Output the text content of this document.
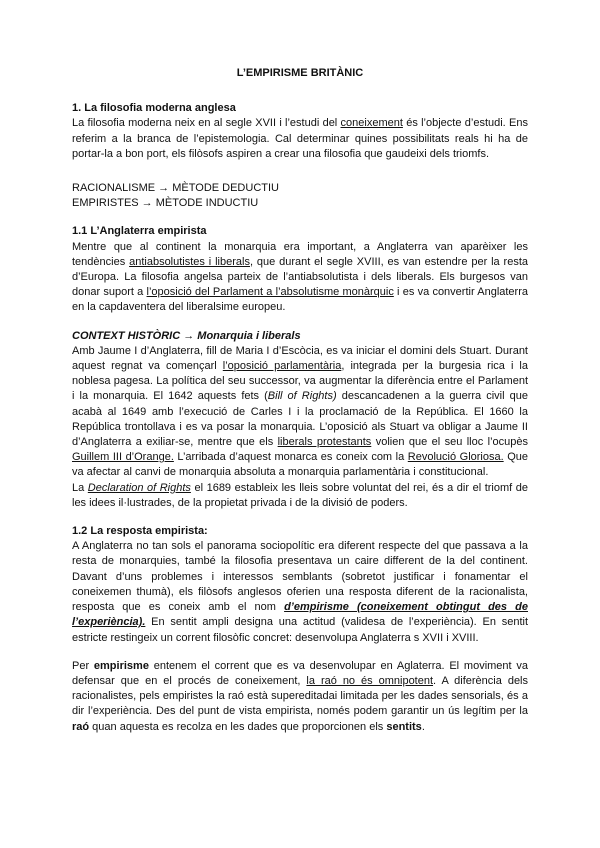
L’EMPIRISME BRITÀNIC
1. La filosofia moderna anglesa

La filosofia moderna neix en al segle XVII i l’estudi del coneixement és l’objecte d’estudi. Ens referim a la branca de l’epistemologia. Cal determinar quines possibilitats reals hi ha de portar-la a bon port, els filòsofs aspiren a crear una filosofia que gaudeixi dels triomfs.

RACIONALISME → MÈTODE DEDUCTIU

EMPIRISTES → MÈTODE INDUCTIU

1.1 L’Anglaterra empirista

Mentre que al continent la monarquia era important, a Anglaterra van aparèixer les tendències antiabsolutistes i liberals, que durant el segle XVIII, es van estendre per la resta d’Europa. La filosofia angelsa parteix de l’antiabsolutista i dels liberals. Els burgesos van donar suport a l’oposició del Parlament a l’absolutisme monàrquic i es va convertir Anglaterra en la capdaventera del liberalsime europeu.

CONTEXT HISTÒRIC → Monarquia i liberals

Amb Jaume I d’Anglaterra, fill de Maria I d’Escòcia, es va iniciar el domini dels Stuart. Durant aquest regnat va començarl l’oposició parlamentària, integrada per la burgesia rica i la noblesa pagesa. La política del seu successor, va augmentar la diferència entre el Parlament i la monarquia. El 1642 aquests fets (Bill of Rights) descancadenen a la guerra civil que acabà al 1649 amb l’execució de Carles I i la proclamació de la República. El 1660 la República trontollava i es va posar la monarquia. L’oposició als Stuart va obligar a Jaume II d’Anglaterra a exiliar-se, mentre que els liberals protestants volien que el seu lloc l’ocupès Guillem III d’Orange. L’arribada d’aquest monarca es coneix com la Revolució Gloriosa. Que va afectar al canvi de monarquia absoluta a monarquia parlamentària i constitucional.

La Declaration of Rights el 1689 estableix les lleis sobre voluntat del rei, és a dir el triomf de les idees il·lustrades, de la propietat privada i de la divisió de poders.

1.2 La resposta empirista:

A Anglaterra no tan sols el panorama sociopolític era diferent respecte del que passava a la resta de monarquies, també la filosofia presentava un caire different de la del continent. Davant d’uns problemes i interessos semblants (sobretot justificar i fonamentar el coneixemen thumà), els filòsofs anglesos oferien una resposta diferent de la racionalista, resposta que es coneix amb el nom d’empirisme (coneixement obtingut des de l’experiència). En sentit ampli designa una actitud (validesa de l’experiència). En sentit estricte restingeix un corrent filosòfic concret: desenvolupa Anglaterra s XVII i XVIII.

Per empirisme entenem el corrent que es va desenvolupar en Aglaterra. El moviment va defensar que en el procés de coneixement, la raó no és omnipotent. A diferència dels racionalistes, pels empiristes la raó està supereditadai limitada per les dades sensorials, és a dir l’experiència. Des del punt de vista empirista, només podem garantir un ús legítim per la raó quan aquesta es recolza en les dades que proporcionen els sentits.
